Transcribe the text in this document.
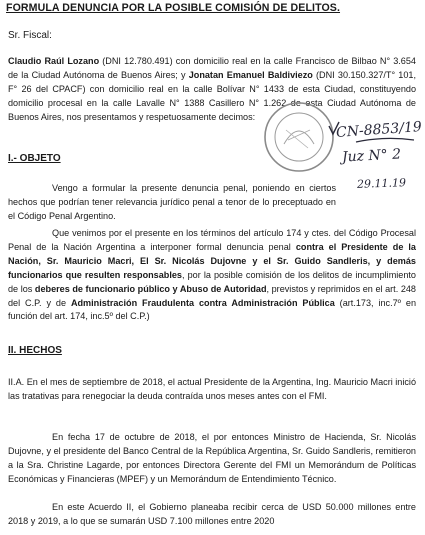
FORMULA DENUNCIA POR LA POSIBLE COMISIÓN DE DELITOS.
Sr. Fiscal:

Claudio Raúl Lozano (DNI 12.780.491) con domicilio real en la calle Francisco de Bilbao N° 3.654 de la Ciudad Autónoma de Buenos Aires; y Jonatan Emanuel Baldiviezo (DNI 30.150.327/T° 101, F° 26 del CPACF) con domicilio real en la calle Bolívar N° 1433 de esta Ciudad, constituyendo domicilio procesal en la calle Lavalle N° 1388 Casillero N° 1.262 de esta Ciudad Autónoma de Buenos Aires, nos presentamos y respetuosamente decimos:

I.- OBJETO

Vengo a formular la presente denuncia penal, poniendo en ciertos hechos que podrían tener relevancia jurídico penal a tenor de lo preceptuado en el Código Penal Argentino.

Que venimos por el presente en los términos del artículo 174 y ctes. del Código Procesal Penal de la Nación Argentina a interponer formal denuncia penal contra el Presidente de la Nación, Sr. Mauricio Macri, El Sr. Nicolás Dujovne y el Sr. Guido Sandleris, y demás funcionarios que resulten responsables, por la posible comisión de los delitos de incumplimiento de los deberes de funcionario público y Abuso de Autoridad, previstos y reprimidos en el art. 248 del C.P. y de Administración Fraudulenta contra Administración Pública (art.173, inc.7º en función del art. 174, inc.5º del C.P.)

II. HECHOS

II.A. En el mes de septiembre de 2018, el actual Presidente de la Argentina, Ing. Mauricio Macri inició las tratativas para renegociar la deuda contraída unos meses antes con el FMI.

En fecha 17 de octubre de 2018, el por entonces Ministro de Hacienda, Sr. Nicolás Dujovne, y el presidente del Banco Central de la República Argentina, Sr. Guido Sandleris, remitieron a la Sra. Christine Lagarde, por entonces Directora Gerente del FMI un Memorándum de Políticas Económicas y Financieras (MPEF) y un Memorándum de Entendimiento Técnico.

En este Acuerdo II, el Gobierno planeaba recibir cerca de USD 50.000 millones entre 2018 y 2019, a lo que se sumarán USD 7.100 millones entre 2020

CN-8853/19
Juz N° 2
29.11.19
